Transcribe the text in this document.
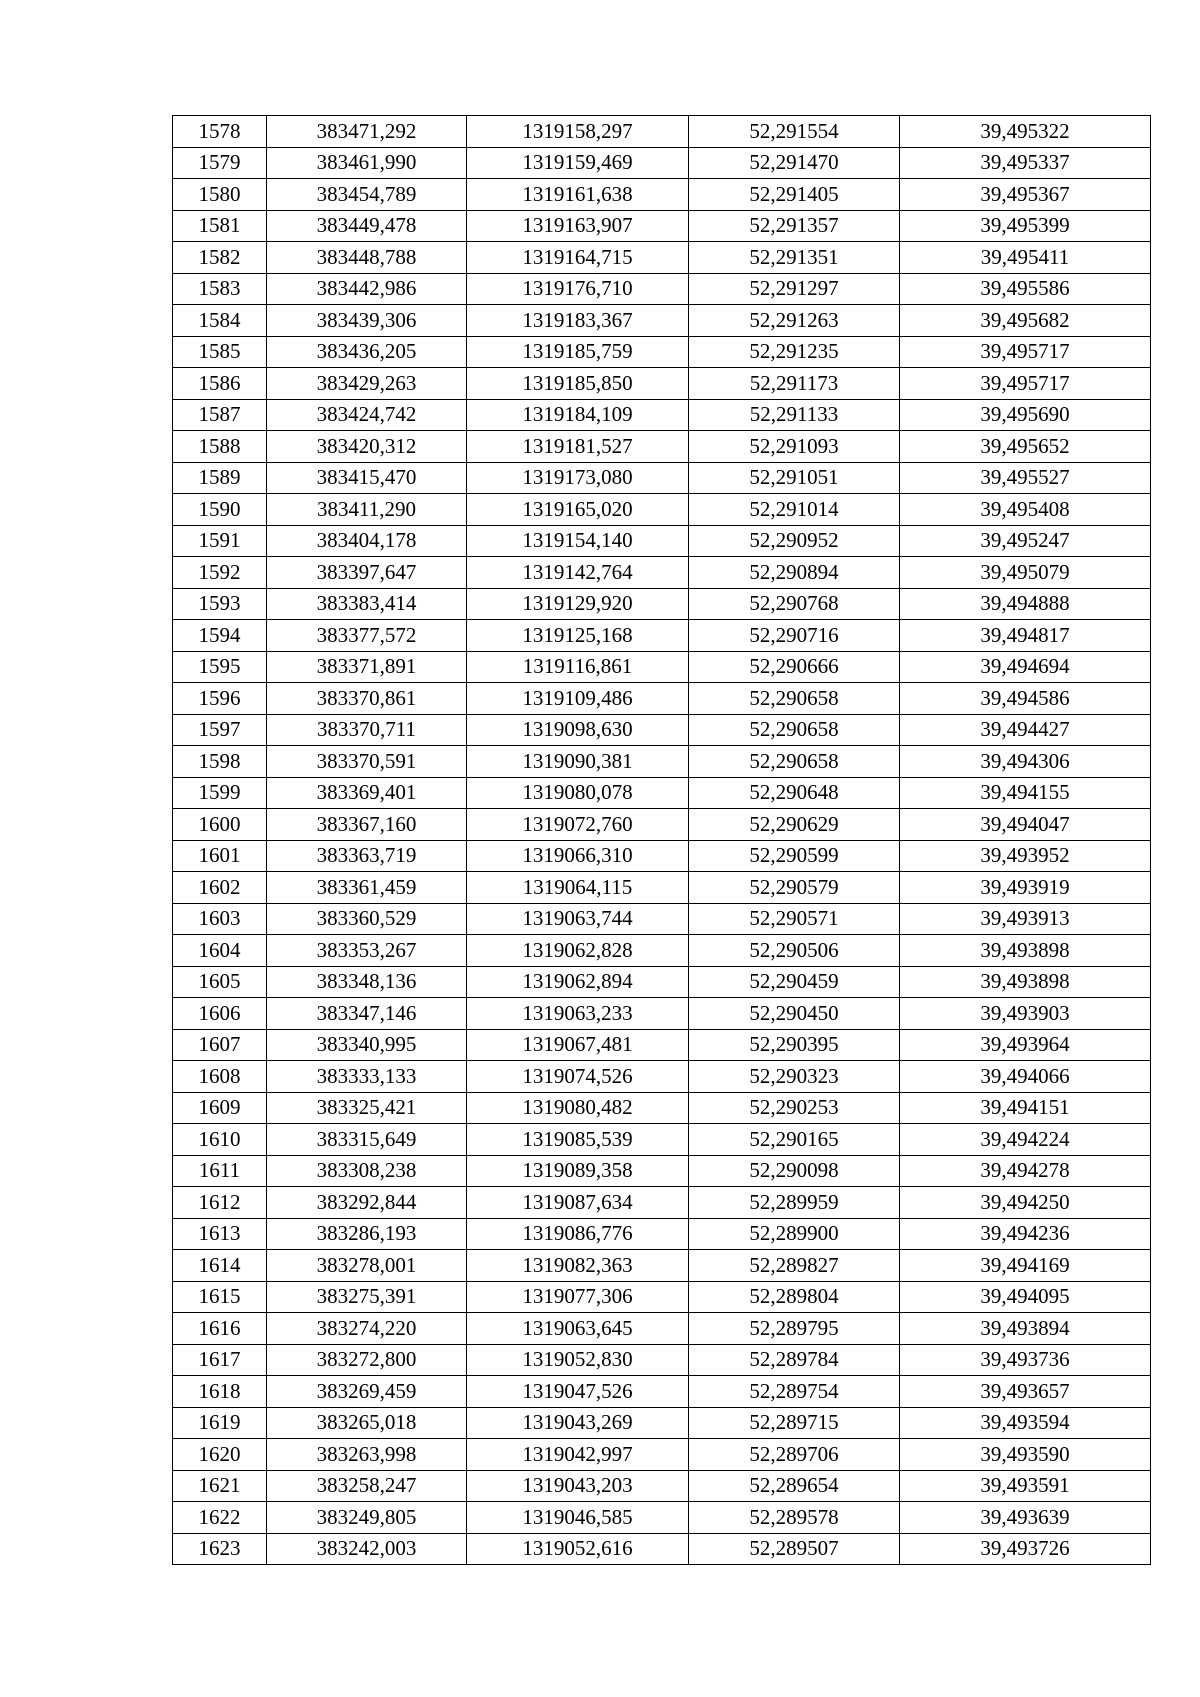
1578	383471,292	1319158,297	52,291554	39,495322
1579	383461,990	1319159,469	52,291470	39,495337
1580	383454,789	1319161,638	52,291405	39,495367
1581	383449,478	1319163,907	52,291357	39,495399
1582	383448,788	1319164,715	52,291351	39,495411
1583	383442,986	1319176,710	52,291297	39,495586
1584	383439,306	1319183,367	52,291263	39,495682
1585	383436,205	1319185,759	52,291235	39,495717
1586	383429,263	1319185,850	52,291173	39,495717
1587	383424,742	1319184,109	52,291133	39,495690
1588	383420,312	1319181,527	52,291093	39,495652
1589	383415,470	1319173,080	52,291051	39,495527
1590	383411,290	1319165,020	52,291014	39,495408
1591	383404,178	1319154,140	52,290952	39,495247
1592	383397,647	1319142,764	52,290894	39,495079
1593	383383,414	1319129,920	52,290768	39,494888
1594	383377,572	1319125,168	52,290716	39,494817
1595	383371,891	1319116,861	52,290666	39,494694
1596	383370,861	1319109,486	52,290658	39,494586
1597	383370,711	1319098,630	52,290658	39,494427
1598	383370,591	1319090,381	52,290658	39,494306
1599	383369,401	1319080,078	52,290648	39,494155
1600	383367,160	1319072,760	52,290629	39,494047
1601	383363,719	1319066,310	52,290599	39,493952
1602	383361,459	1319064,115	52,290579	39,493919
1603	383360,529	1319063,744	52,290571	39,493913
1604	383353,267	1319062,828	52,290506	39,493898
1605	383348,136	1319062,894	52,290459	39,493898
1606	383347,146	1319063,233	52,290450	39,493903
1607	383340,995	1319067,481	52,290395	39,493964
1608	383333,133	1319074,526	52,290323	39,494066
1609	383325,421	1319080,482	52,290253	39,494151
1610	383315,649	1319085,539	52,290165	39,494224
1611	383308,238	1319089,358	52,290098	39,494278
1612	383292,844	1319087,634	52,289959	39,494250
1613	383286,193	1319086,776	52,289900	39,494236
1614	383278,001	1319082,363	52,289827	39,494169
1615	383275,391	1319077,306	52,289804	39,494095
1616	383274,220	1319063,645	52,289795	39,493894
1617	383272,800	1319052,830	52,289784	39,493736
1618	383269,459	1319047,526	52,289754	39,493657
1619	383265,018	1319043,269	52,289715	39,493594
1620	383263,998	1319042,997	52,289706	39,493590
1621	383258,247	1319043,203	52,289654	39,493591
1622	383249,805	1319046,585	52,289578	39,493639
1623	383242,003	1319052,616	52,289507	39,493726
